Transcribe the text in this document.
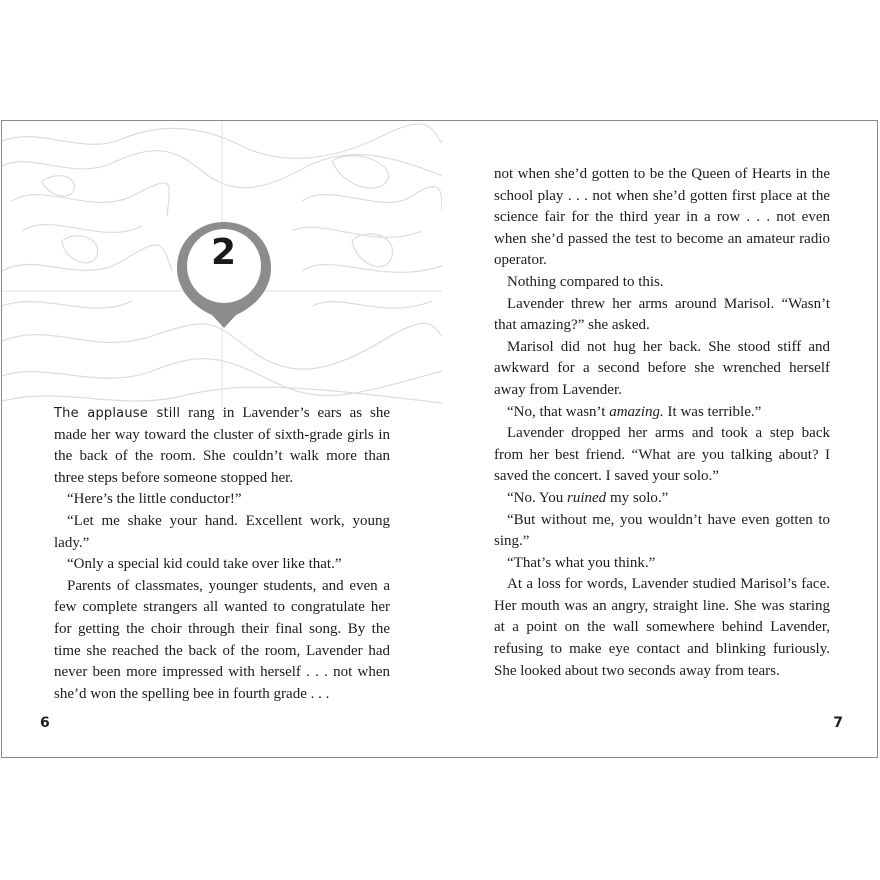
2

The applause still rang in Lavender’s ears as she made her way toward the cluster of sixth-grade girls in the back of the room. She couldn’t walk more than three steps before someone stopped her.

“Here’s the little conductor!”

“Let me shake your hand. Excellent work, young lady.”

“Only a special kid could take over like that.”

Parents of classmates, younger students, and even a few complete strangers all wanted to congratulate her for getting the choir through their final song. By the time she reached the back of the room, Lavender had never been more impressed with herself . . . not when she’d won the spelling bee in fourth grade . . .

6

not when she’d gotten to be the Queen of Hearts in the school play . . . not when she’d gotten first place at the science fair for the third year in a row . . . not even when she’d passed the test to become an amateur radio operator.

Nothing compared to this.

Lavender threw her arms around Marisol. “Wasn’t that amazing?” she asked.

Marisol did not hug her back. She stood stiff and awkward for a second before she wrenched herself away from Lavender.

“No, that wasn’t amazing. It was terrible.”

Lavender dropped her arms and took a step back from her best friend. “What are you talking about? I saved the concert. I saved your solo.”

“No. You ruined my solo.”

“But without me, you wouldn’t have even gotten to sing.”

“That’s what you think.”

At a loss for words, Lavender studied Marisol’s face. Her mouth was an angry, straight line. She was staring at a point on the wall somewhere behind Lavender, refusing to make eye contact and blinking furiously. She looked about two seconds away from tears.

7
